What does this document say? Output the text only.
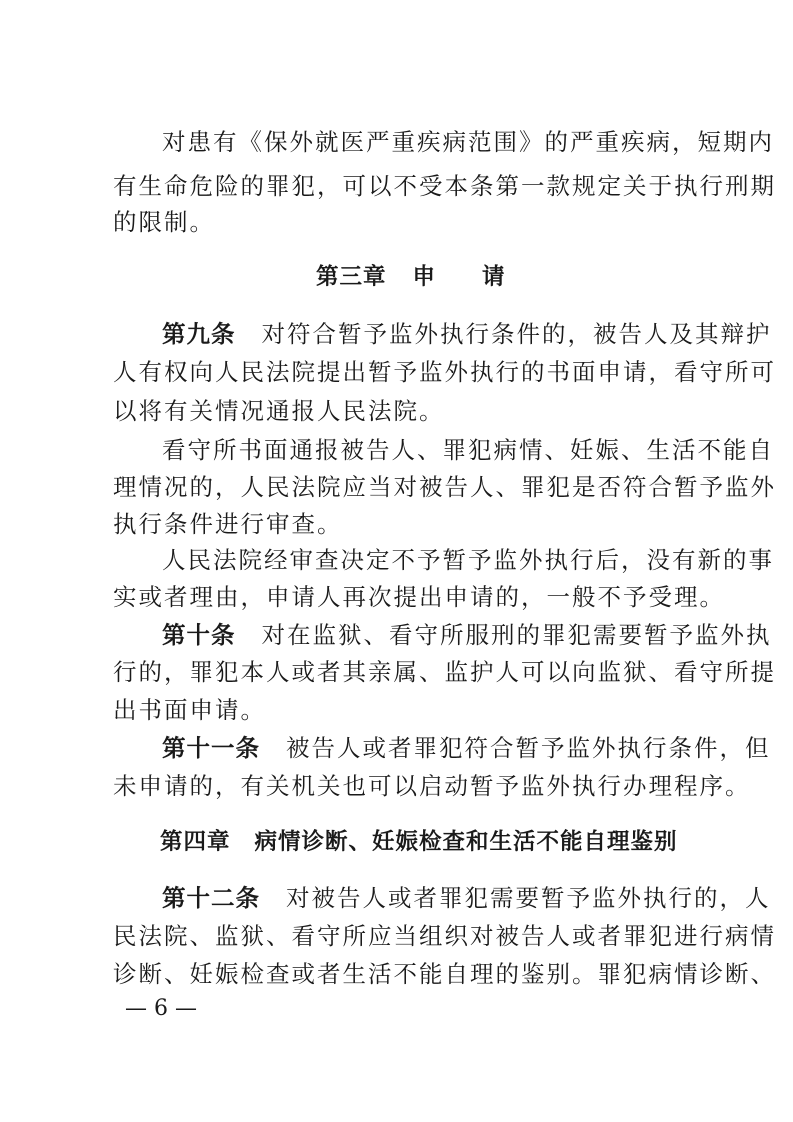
对患有《保外就医严重疾病范围》的严重疾病，短期内
有生命危险的罪犯，可以不受本条第一款规定关于执行刑期
的限制。
第三章 申 请
第九条 对符合暂予监外执行条件的，被告人及其辩护
人有权向人民法院提出暂予监外执行的书面申请，看守所可
以将有关情况通报人民法院。
看守所书面通报被告人、罪犯病情、妊娠、生活不能自
理情况的，人民法院应当对被告人、罪犯是否符合暂予监外
执行条件进行审查。
人民法院经审查决定不予暂予监外执行后，没有新的事
实或者理由，申请人再次提出申请的，一般不予受理。
第十条 对在监狱、看守所服刑的罪犯需要暂予监外执
行的，罪犯本人或者其亲属、监护人可以向监狱、看守所提
出书面申请。
第十一条 被告人或者罪犯符合暂予监外执行条件，但
未申请的，有关机关也可以启动暂予监外执行办理程序。
第四章 病情诊断、妊娠检查和生活不能自理鉴别
第十二条 对被告人或者罪犯需要暂予监外执行的，人
民法院、监狱、看守所应当组织对被告人或者罪犯进行病情
诊断、妊娠检查或者生活不能自理的鉴别。罪犯病情诊断、
— 6 —
